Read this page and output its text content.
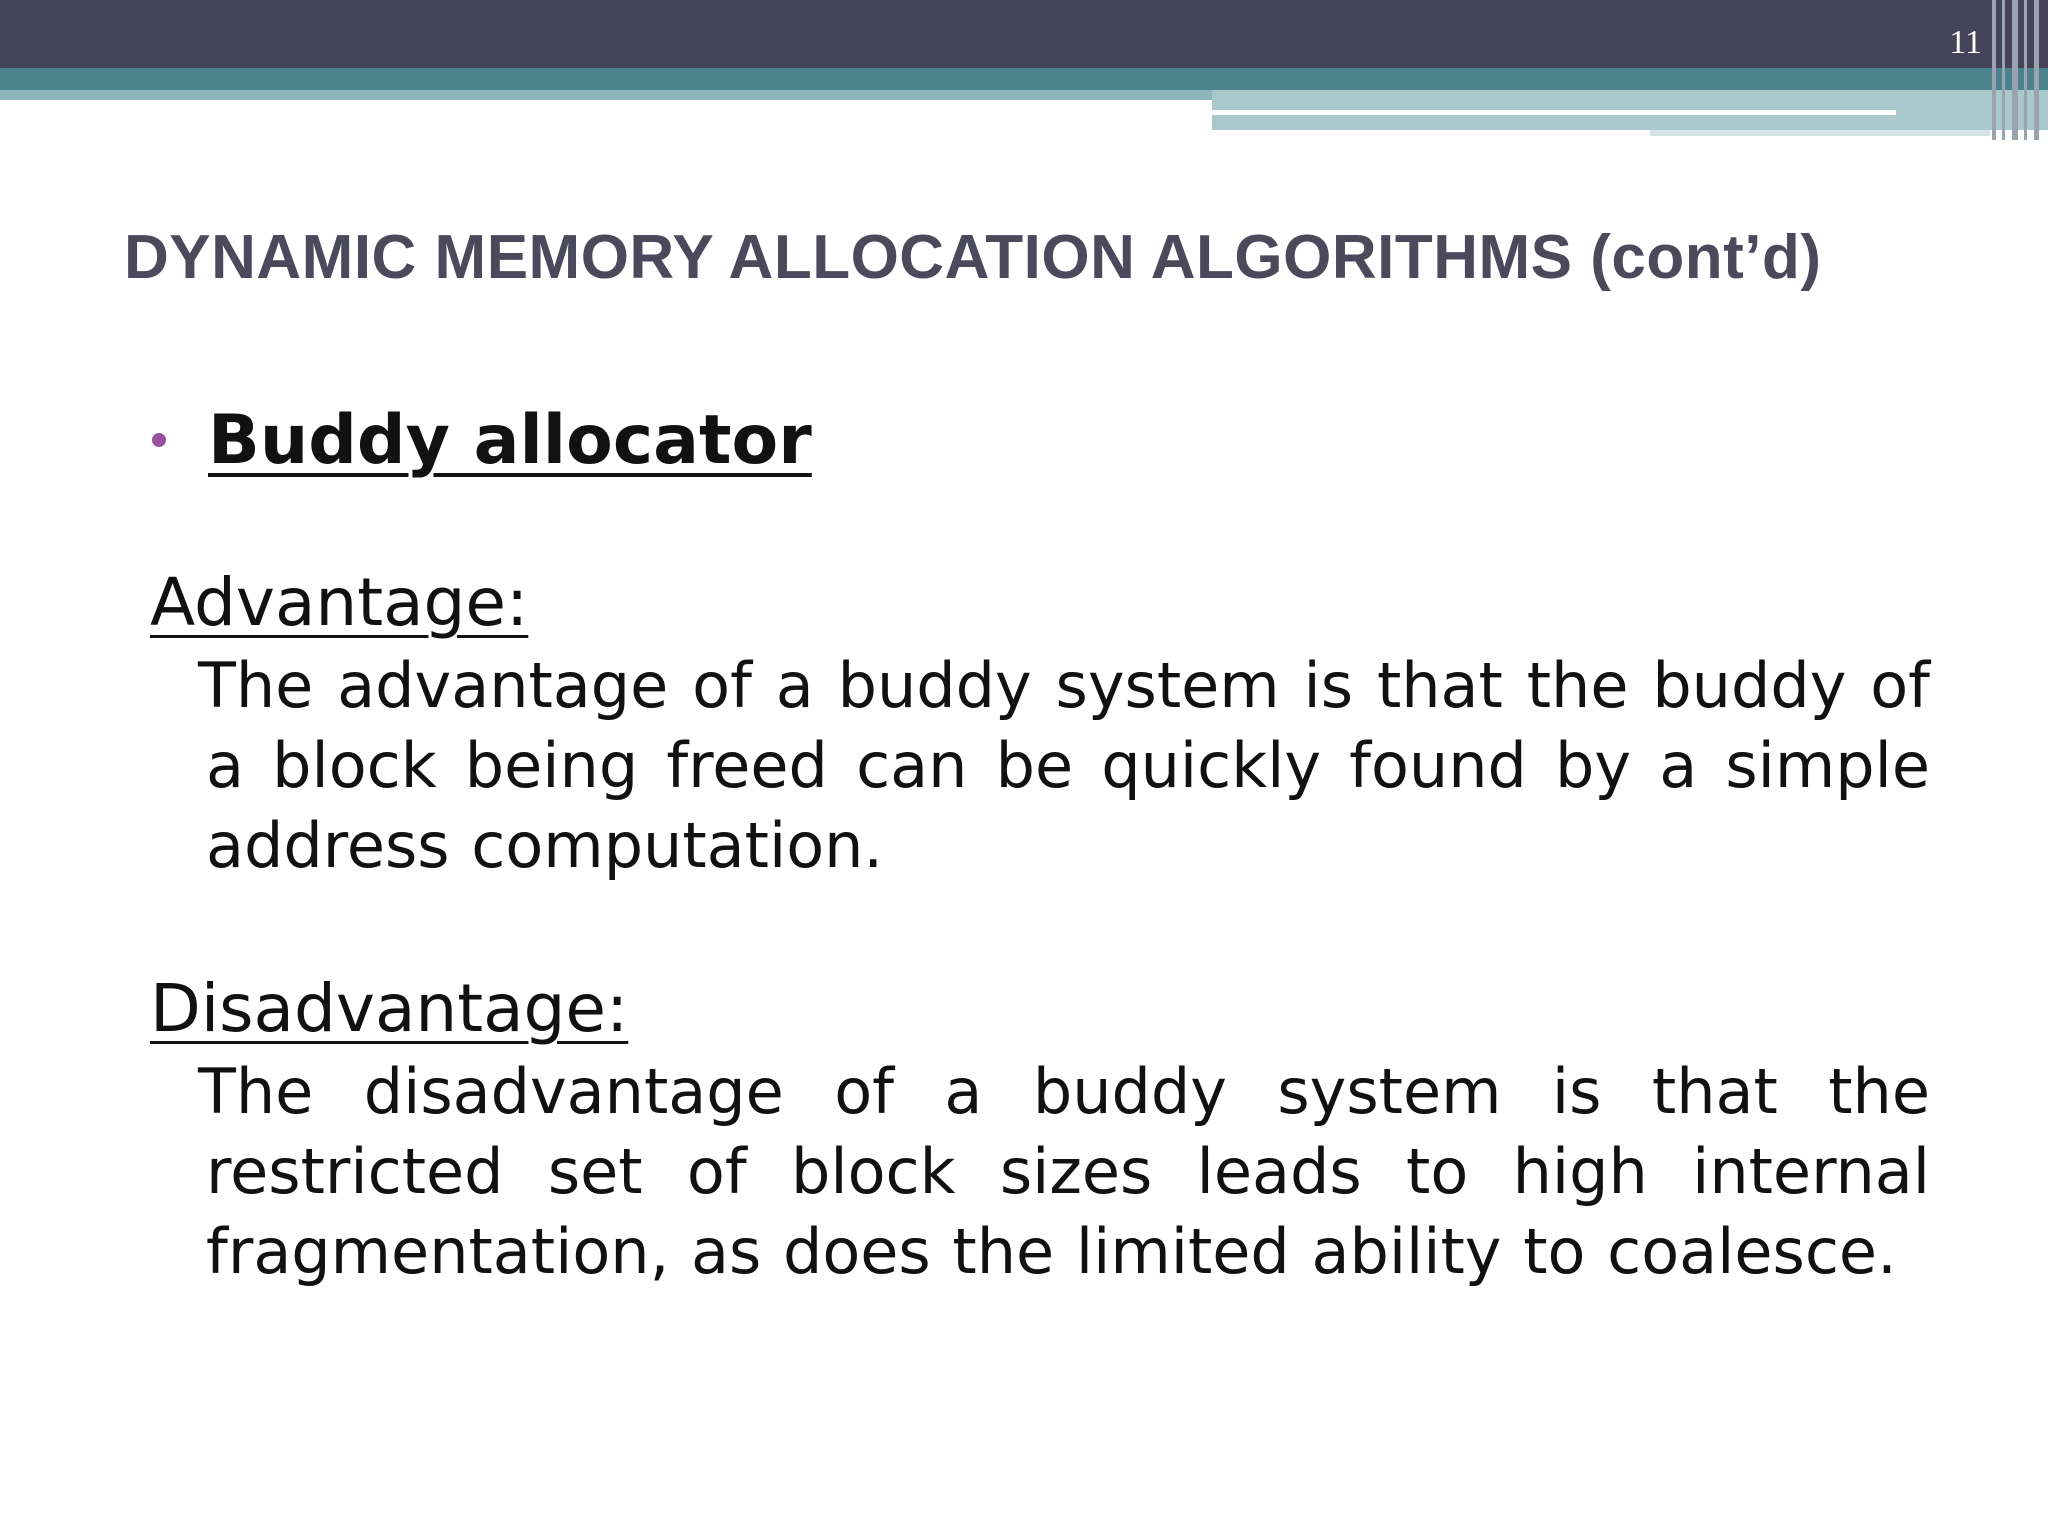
11
DYNAMIC MEMORY ALLOCATION ALGORITHMS (cont’d)
Buddy allocator
Advantage:
The advantage of a buddy system is that the buddy of a block being freed can be quickly found by a simple address computation.
Disadvantage:
The disadvantage of a buddy system is that the restricted set of block sizes leads to high internal fragmentation, as does the limited ability to coalesce.
